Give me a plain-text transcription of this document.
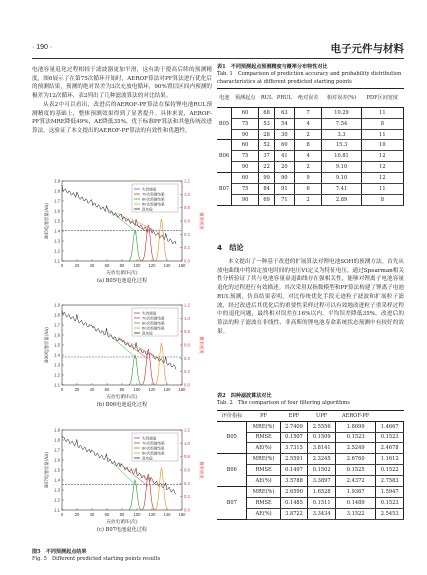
· 190 ·	电子元件与材料

电池容量退化过程相较于滤波器更加平滑，这有助于提高后续的预测精度，图6展示了在第75次循环开始时，AEROF算法对PF算法进行优化后的预测结果，预测的绝对误差为3次充放电循环，90%置信区间内预测的极差为12次循环，表2列出了几种滤波算法的对比结果。

从表2中可以看出，改进后的AEROF-PF算法在保持锂电池RUL预测精度的基础上，整体预测效果得到了显著提升。具体来说，AEROF-PF算法MRE降低49%，AE降低35%，优于标准PF算法和其他传统改进算法。这验证了本文提出的AEROF-PF算法的有效性和优越性。

1.9
1.8
1.7
1.6
1.5
1.4
1.3
1.2
1.1
1.2
1.0
0.8
0.6
0.4
0.2
0.0
0	20 40 60 80 100 120 140 160
B05电池容量(Ah)	概率密度
充放电循环(次)
(a) B05电池退化过程
失效阈值
70次预测结果
60次预测结果
80次预测结果
真实值
1.9
1.8
1.7
1.6
1.5
1.4
1.3
1.2
1.1
1.2
1.0
0.8
0.6
0.4
0.2
0.0
0	20 40 60 80 100 120 140 160
B06电池容量(Ah)	概率密度
充放电循环(次)
(b) B06电池退化过程
失效阈值
70次预测结果
60次预测结果
80次预测结果
真实值
1.9
1.8
1.7
1.6
1.5
1.4
1.3
1.2
1.1
1.2
1.0
0.8
0.6
0.4
0.2
0.0
0	20 40 60 80 100 120 140 160
B07电池容量(Ah)	概率密度
充放电循环(次)
(c) B07电池退化过程
失效阈值
70次预测结果
60次预测结果
80次预测结果
真实值
图5　不同预测起点结果
Fig. 5　Different predicted starting points results
表1　不同预测起点预测精度与概率分布特性对比
Tab. 1　Comparison of prediction accuracy and probability distribution characteristics at different predicted starting points
电池	预测起点	RUL	PRUL	绝对误差	相对误差(%)	PDF区间宽度
B05	60	68	63	7	10.29	11
	75	53	54	4	7.54	8
	90	28	30	2	3.3	11
B06	60	52	60	8	15.3	10
	75	37	41	4	10.81	12
	90	22	20	2	9.10	12
B07	60	99	90	9	9.10	12
	75	84	91	6	7.41	11
	90	69	71	2	2.89	8
4　结论

本文提出了一种基于改进的扩展算法对锂电池SOH的预测方法。首先从放电曲线中将固定放电时间的电压Vt定义为特征电压，通过Spearman相关性分析验证了其与电池容量衰退曲线存在强相关性，能够对锂离子电池容量退化的过程进行有效描述。其次采用双指数模型和PF算法构建了锂离子电池RUL预测，仿真结果表明，对比传统优化手段无迹粒子滤波和扩展粒子滤波，经过改进后其优化后的重要性采样过程可以有效地改进粒子重采样过程中的退化问题，最终相对误差在16%以内，平均误差降低35%。改进后的算法的粒子滤波在非线性、非高斯的锂电池寿命系统状态预测中有较好的效果。

表2　四种滤波算法对比
Tab. 2　The comparison of four filtering algorithms
评价指标	PF	EPF	UPF	AEROF-PF	
B05	MRE(%)	2.7409	2.5556	1.8099	1.4667
	RMSE	0.1507	0.1509	0.1523	0.1523
	AE(%)	3.7315	3.8141	2.5249	2.4678
B06	MRE(%)	2.5591	2.3245	2.6760	1.1612
	RMSE	0.1497	0.1502	0.1525	0.1522
	AE(%)	3.5788	3.3897	2.4372	2.7583
B07	MRE(%)	2.6590	1.6528	1.9367	1.5947
	RMSE	0.1485	0.1511	0.1489	0.1523
	AE(%)	3.8722	3.3434	3.1522	2.5453
